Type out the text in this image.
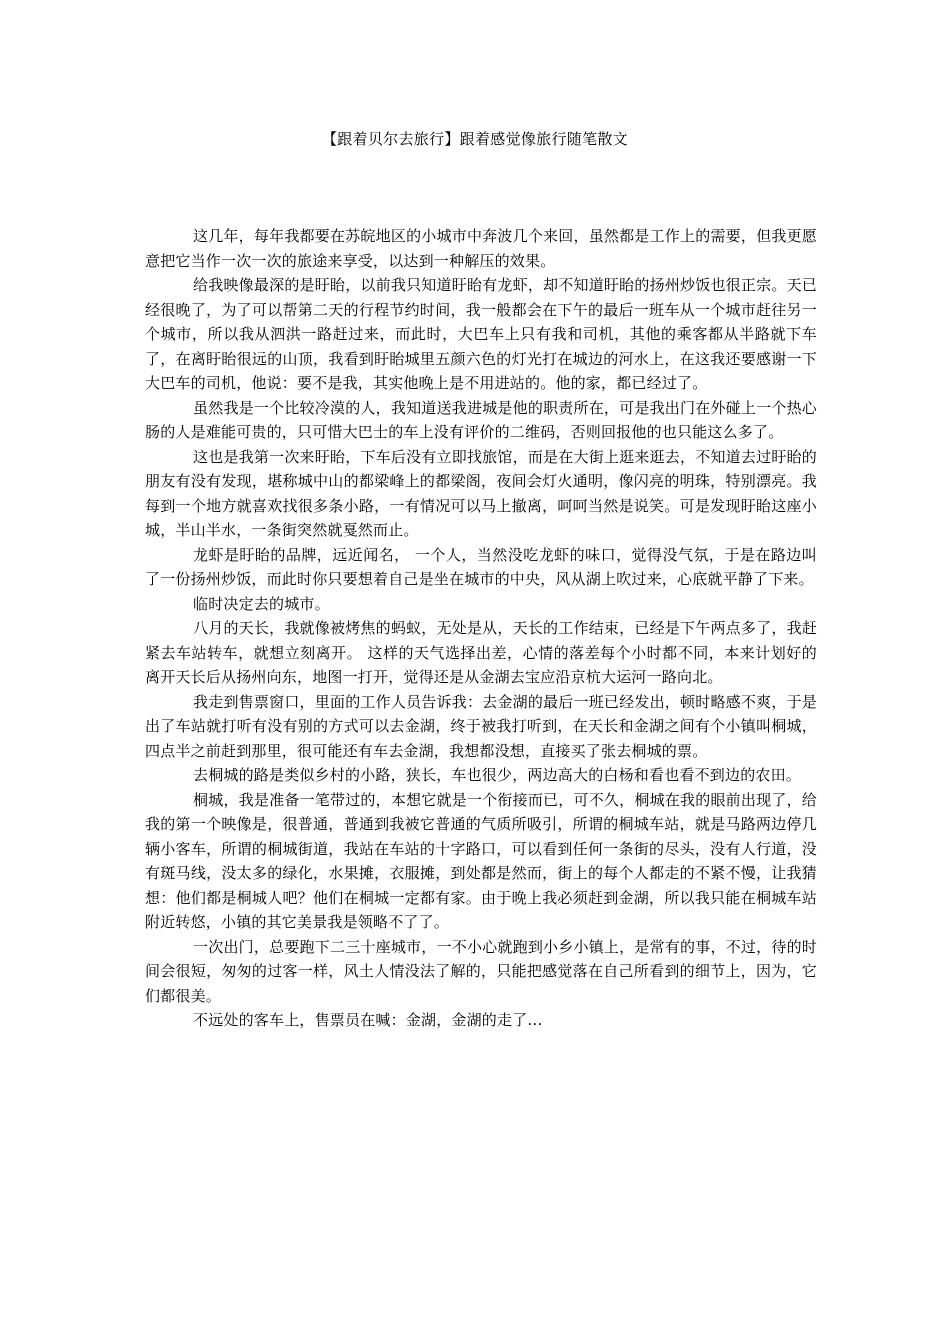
【跟着贝尔去旅行】跟着感觉像旅行随笔散文

这几年，每年我都要在苏皖地区的小城市中奔波几个来回，虽然都是工作上的需要，但我更愿意把它当作一次一次的旅途来享受，以达到一种解压的效果。

给我映像最深的是盱眙，以前我只知道盱眙有龙虾，却不知道盱眙的扬州炒饭也很正宗。天已经很晚了，为了可以帮第二天的行程节约时间，我一般都会在下午的最后一班车从一个城市赶往另一个城市，所以我从泗洪一路赶过来，而此时，大巴车上只有我和司机，其他的乘客都从半路就下车了，在离盱眙很远的山顶，我看到盱眙城里五颜六色的灯光打在城边的河水上，在这我还要感谢一下大巴车的司机，他说：要不是我，其实他晚上是不用进站的。他的家，都已经过了。

虽然我是一个比较冷漠的人，我知道送我进城是他的职责所在，可是我出门在外碰上一个热心肠的人是难能可贵的，只可惜大巴士的车上没有评价的二维码，否则回报他的也只能这么多了。

这也是我第一次来盱眙，下车后没有立即找旅馆，而是在大街上逛来逛去，不知道去过盱眙的朋友有没有发现，堪称城中山的都梁峰上的都梁阁，夜间会灯火通明，像闪亮的明珠，特别漂亮。我每到一个地方就喜欢找很多条小路，一有情况可以马上撤离，呵呵当然是说笑。可是发现盱眙这座小城，半山半水，一条街突然就戛然而止。

龙虾是盱眙的品牌，远近闻名， 一个人，当然没吃龙虾的味口，觉得没气氛，于是在路边叫了一份扬州炒饭，而此时你只要想着自己是坐在城市的中央，风从湖上吹过来，心底就平静了下来。

临时决定去的城市。

八月的天长，我就像被烤焦的蚂蚁，无处是从，天长的工作结束，已经是下午两点多了，我赶紧去车站转车，就想立刻离开。 这样的天气选择出差，心情的落差每个小时都不同，本来计划好的离开天长后从扬州向东，地图一打开，觉得还是从金湖去宝应沿京杭大运河一路向北。

我走到售票窗口，里面的工作人员告诉我：去金湖的最后一班已经发出，顿时略感不爽，于是出了车站就打听有没有别的方式可以去金湖，终于被我打听到，在天长和金湖之间有个小镇叫桐城，四点半之前赶到那里，很可能还有车去金湖，我想都没想，直接买了张去桐城的票。

去桐城的路是类似乡村的小路，狭长，车也很少，两边高大的白杨和看也看不到边的农田。

桐城，我是准备一笔带过的，本想它就是一个衔接而已，可不久，桐城在我的眼前出现了，给我的第一个映像是，很普通，普通到我被它普通的气质所吸引，所谓的桐城车站，就是马路两边停几辆小客车，所谓的桐城街道，我站在车站的十字路口，可以看到任何一条街的尽头，没有人行道，没有斑马线，没太多的绿化，水果摊，衣服摊，到处都是然而，街上的每个人都走的不紧不慢，让我猜想：他们都是桐城人吧？他们在桐城一定都有家。由于晚上我必须赶到金湖，所以我只能在桐城车站附近转悠，小镇的其它美景我是领略不了了。

一次出门，总要跑下二三十座城市，一不小心就跑到小乡小镇上，是常有的事，不过，待的时间会很短，匆匆的过客一样，风土人情没法了解的，只能把感觉落在自己所看到的细节上，因为，它们都很美。

不远处的客车上，售票员在喊：金湖，金湖的走了…
